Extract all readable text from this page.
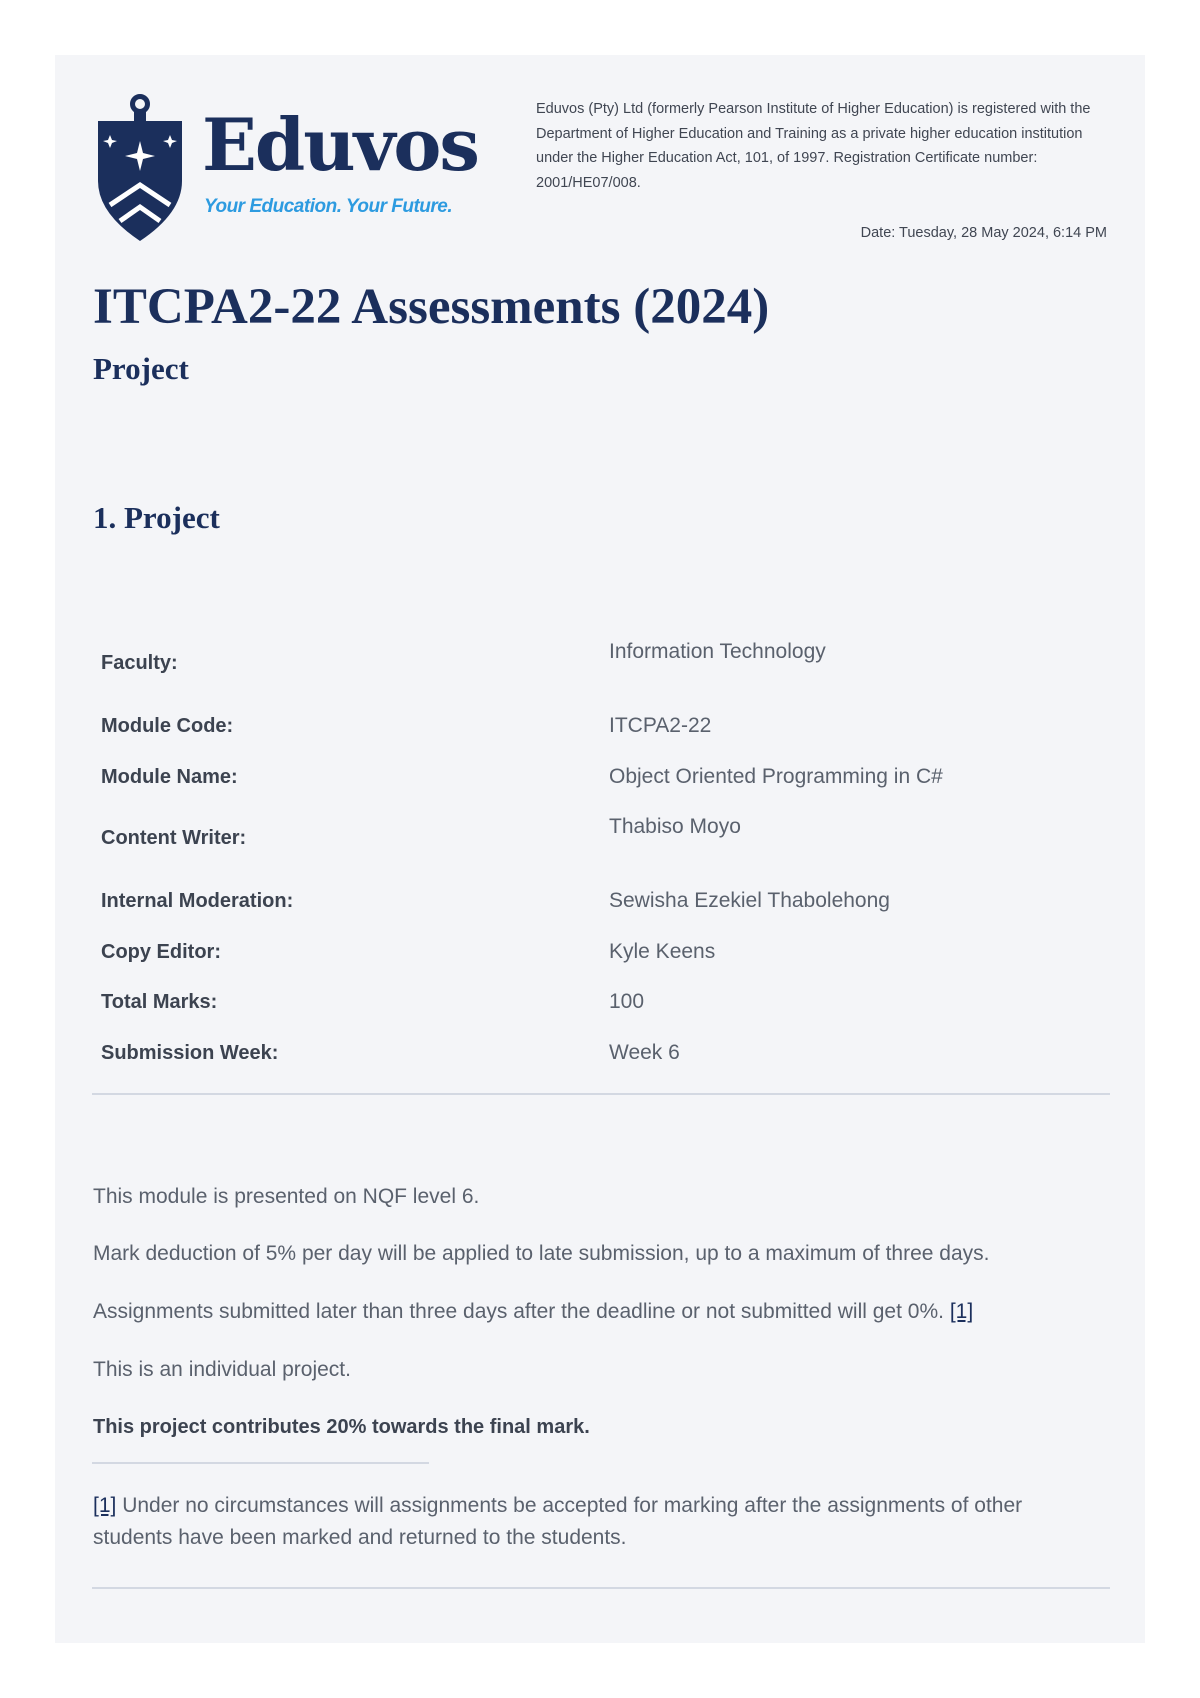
Eduvos
Your Education. Your Future.
Eduvos (Pty) Ltd (formerly Pearson Institute of Higher Education) is registered with the Department of Higher Education and Training as a private higher education institution under the Higher Education Act, 101, of 1997. Registration Certificate number: 2001/HE07/008.
Date: Tuesday, 28 May 2024, 6:14 PM
ITCPA2-22 Assessments (2024)
Project
1. Project
Faculty:	Information Technology
Module Code:	ITCPA2-22
Module Name:	Object Oriented Programming in C#
Content Writer:	Thabiso Moyo
Internal Moderation:	Sewisha Ezekiel Thabolehong
Copy Editor:	Kyle Keens
Total Marks:	100
Submission Week:	Week 6

This module is presented on NQF level 6.

Mark deduction of 5% per day will be applied to late submission, up to a maximum of three days.

Assignments submitted later than three days after the deadline or not submitted will get 0%. [1]

This is an individual project.

This project contributes 20% towards the final mark.

[1] Under no circumstances will assignments be accepted for marking after the assignments of other students have been marked and returned to the students.
